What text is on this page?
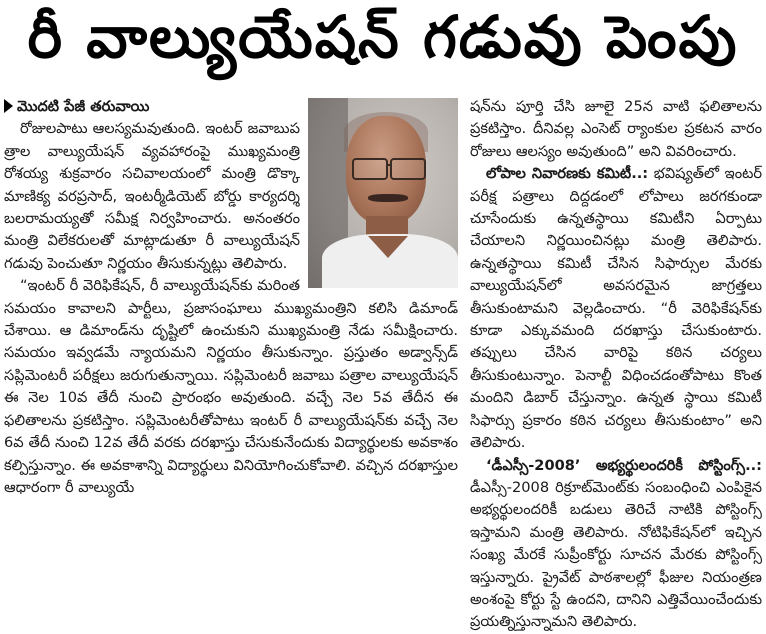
రీ వాల్యుయేషన్ గడువు పెంపు

మొదటి పేజీ తరువాయి

రోజులపాటు ఆలస్యమవుతుంది. ఇంటర్ జవాబుప త్రాల వాల్యుయేషన్ వ్యవహారంపై ముఖ్యమంత్రి రోశయ్య శుక్రవారం సచివాలయంలో మంత్రి డొక్కా మాణిక్య వరప్రసాద్, ఇంటర్మీడియెట్ బోర్డు కార్యదర్శి బలరామయ్యతో సమీక్ష నిర్వహించారు. అనంతరం మంత్రి విలేకరులతో మాట్లాడుతూ రీ వాల్యుయేషన్ గడువు పెంచుతూ నిర్ణయం తీసుకున్నట్లు తెలిపారు.

“ఇంటర్ రీ వెరిఫికేషన్, రీ వాల్యుయేషన్‌కు మరింత సమయం కావాలని పార్టీలు, ప్రజాసంఘాలు ముఖ్యమంత్రిని కలిసి డిమాండ్ చేశాయి. ఆ డిమాండ్‌ను దృష్టిలో ఉంచుకుని ముఖ్యమంత్రి నేడు సమీక్షించారు. సమయం ఇవ్వడమే న్యాయమని నిర్ణయం తీసుకున్నాం. ప్రస్తుతం అడ్వాన్స్‌డ్ సప్లిమెంటరీ పరీక్షలు జరుగుతున్నాయి. సప్లిమెంటరీ జవాబు పత్రాల వాల్యుయేషన్ ఈ నెల 10వ తేదీ నుంచి ప్రారంభం అవుతుంది. వచ్చే నెల 5వ తేదీన ఈ ఫలితాలను ప్రకటిస్తాం. సప్లిమెంటరీతోపాటు ఇంటర్ రీ వాల్యుయేషన్‌కు వచ్చే నెల 6వ తేదీ నుంచి 12వ తేదీ వరకు దరఖాస్తు చేసుకునేందుకు విద్యార్థులకు అవకాశం కల్పిస్తున్నాం. ఈ అవకాశాన్ని విద్యార్థులు వినియోగించుకోవాలి. వచ్చిన దరఖాస్తుల ఆధారంగా రీ వాల్యుయే

షన్‌ను పూర్తి చేసి జూలై 25న వాటి ఫలితాలను ప్రకటిస్తాం. దీనివల్ల ఎంసెట్ ర్యాంకుల ప్రకటన వారం రోజులు ఆలస్యం అవుతుంది” అని వివరించారు.

లోపాల నివారణకు కమిటీ..: భవిష్యత్‌లో ఇంటర్ పరీక్ష పత్రాలు దిద్దడంలో లోపాలు జరగకుండా చూసేందుకు ఉన్నతస్థాయి కమిటీని ఏర్పాటు చేయాలని నిర్ణయించినట్లు మంత్రి తెలిపారు. ఉన్నతస్థాయి కమిటీ చేసిన సిఫార్సుల మేరకు వాల్యుయేషన్‌లో అవసరమైన జాగ్రత్తలు తీసుకుంటామని వెల్లడించారు. “రీ వెరిఫికేషన్‌కు కూడా ఎక్కువమంది దరఖాస్తు చేసుకుంటారు. తప్పులు చేసిన వారిపై కఠిన చర్యలు తీసుకుంటున్నాం. పెనాల్టీ విధించడంతోపాటు కొంత మందిని డిబార్ చేస్తున్నాం. ఉన్నత స్థాయి కమిటీ సిఫార్సు ప్రకారం కఠిన చర్యలు తీసుకుంటాం” అని తెలిపారు.

‘డీఎస్సీ-2008’ అభ్యర్థులందరికీ పోస్టింగ్స్..: డీఎస్సీ-2008 రిక్రూట్‌మెంట్‌కు సంబంధించి ఎంపికైన అభ్యర్థులందరికీ బడులు తెరిచే నాటికి పోస్టింగ్స్ ఇస్తామని మంత్రి తెలిపారు. నోటిఫికేషన్‌లో ఇచ్చిన సంఖ్య మేరకే సుప్రీంకోర్టు సూచన మేరకు పోస్టింగ్స్ ఇస్తున్నారు. ప్రైవేట్ పాఠశాలల్లో ఫీజుల నియంత్రణ అంశంపై కోర్టు స్టే ఉందని, దానిని ఎత్తివేయించేందుకు ప్రయత్నిస్తున్నామని తెలిపారు.
